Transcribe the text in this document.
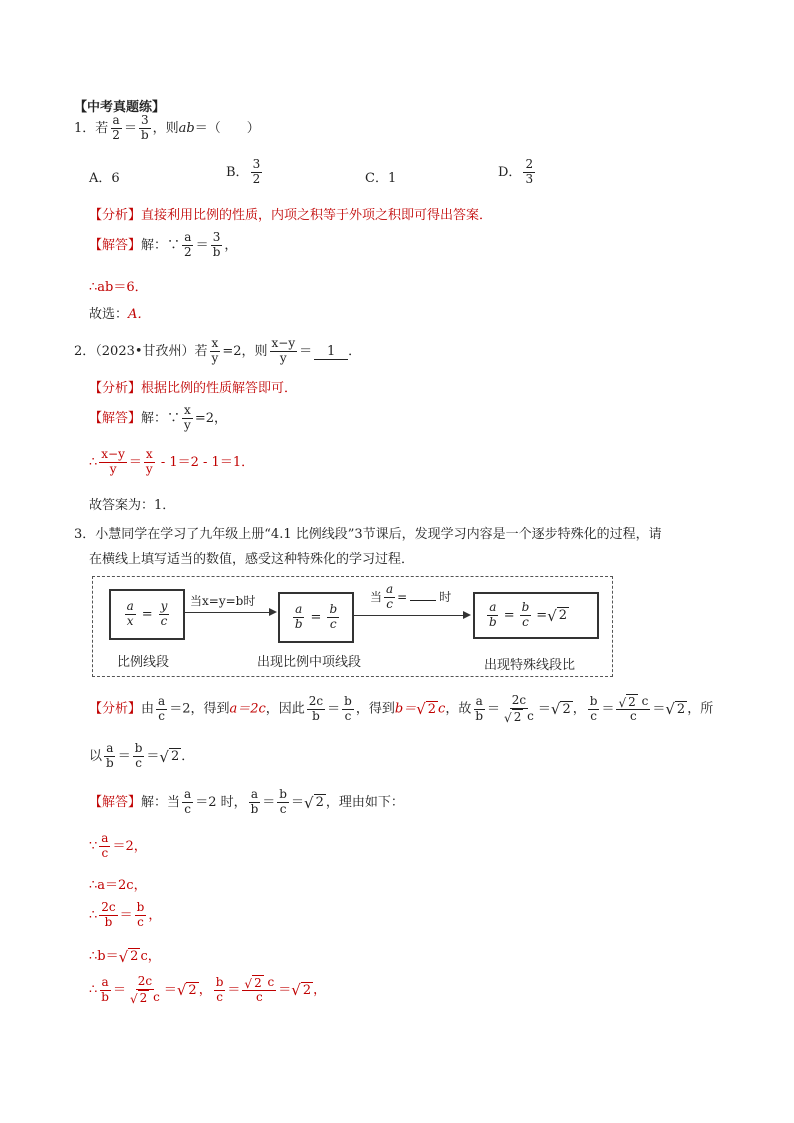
【中考真题练】
1．若 $\frac{a}{2} = \frac{3}{b}$ ，则ab＝（　　）
A．6	B． $\frac{3}{2}$	C．1	D． $\frac{2}{3}$
【分析】直接利用比例的性质，内项之积等于外项之积即可得出答案．
【解答】解：∵ $\frac{a}{2} = \frac{3}{b}$ ，
∴ab＝6．
故选：A．
2．（2023•甘孜州）若 $\frac{x}{y} =2$，则 $\frac{x-y}{y} = 1$ ．
【分析】根据比例的性质解答即可．
【解答】解：∵ $\frac{x}{y} =2$，
∴ $\frac{x-y}{y} = \frac{x}{y} - 1=2 - 1=1$．
故答案为：1．
3．小慧同学在学习了九年级上册“4.1 比例线段”3节课后，发现学习内容是一个逐步特殊化的过程，请
在横线上填写适当的数值，感受这种特殊化的学习过程．
$\frac{a}{x} = \frac{y}{c}$ 当x=y=b时
$\frac{a}{b} = \frac{b}{c}$
当 $\frac{a}{c}$ =	时
$\frac{a}{b} = \frac{b}{c}$ = √ 2
比例线段	出现比例中项线段	出现特殊线段比
【分析】由 $\frac{a}{c} =2$，得到a＝2c，因此 $\frac{2c}{b} = \frac{b}{c}$ ，得到b＝ √ 2 c，故 $\frac{a}{b} = \frac{2c}{√ 2 c}$ ＝ √ 2 ， $\frac{b}{c} = \frac{√ 2 c}{c}$ ＝ √ 2 ，所
以 $\frac{a}{b} = \frac{b}{c}$ ＝ √ 2 ．
【解答】解：当 $\frac{a}{c} =2$ 时， $\frac{a}{b} = \frac{b}{c}$ ＝ √ 2 ，理由如下：
∵ $\frac{a}{c} =2$，
∴a＝2c，
∴ $\frac{2c}{b} = \frac{b}{c}$ ，
∴b＝ √ 2 c，
∴ $\frac{a}{b} = \frac{2c}{√ 2 c}$ ＝ √ 2 ， $\frac{b}{c} = \frac{√ 2 c}{c}$ ＝ √ 2 ，
